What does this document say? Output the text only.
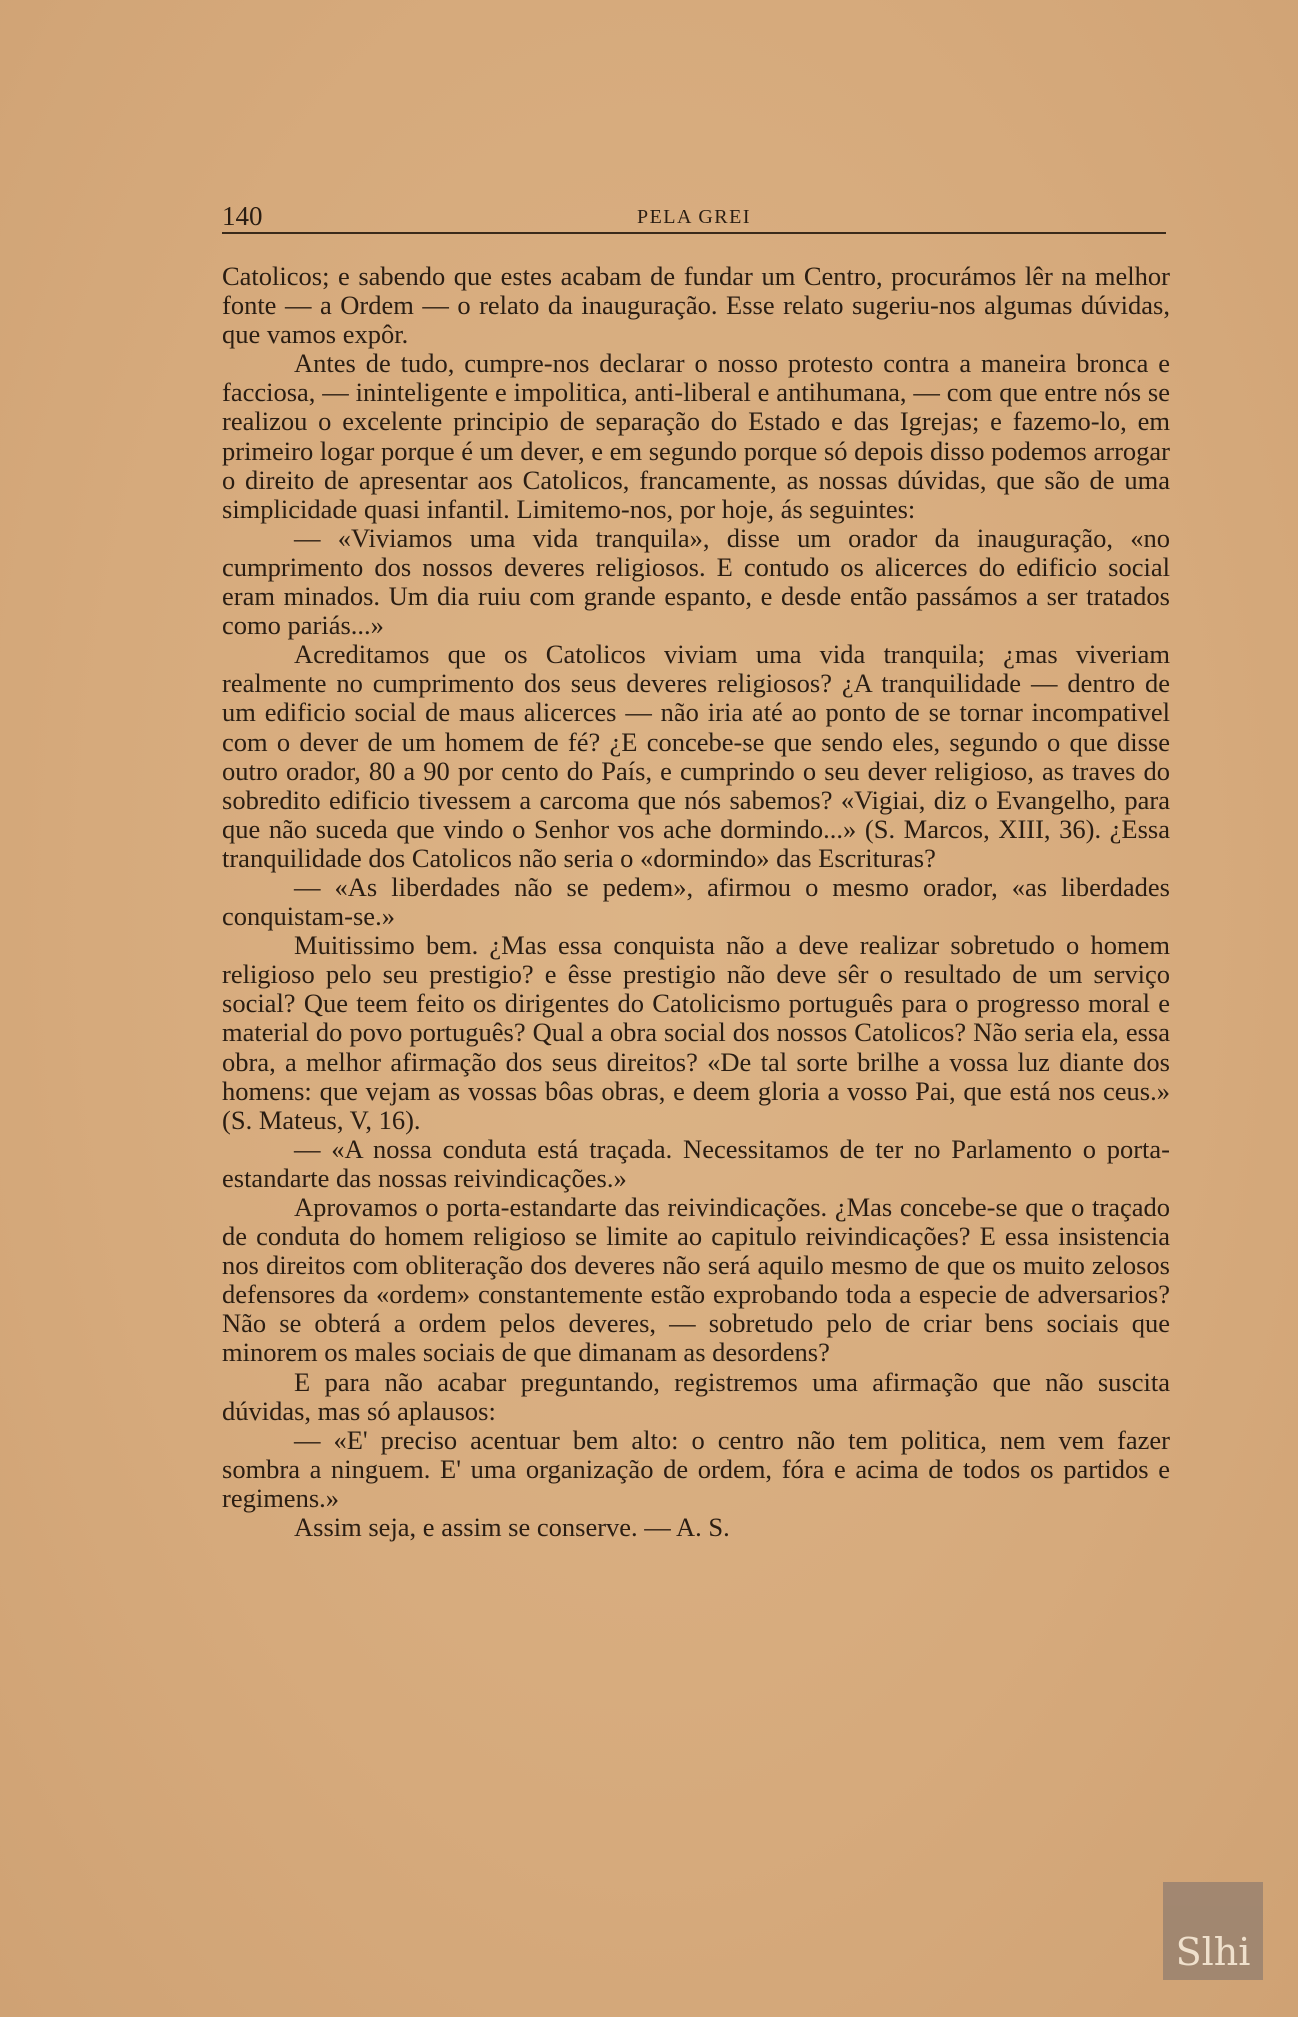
140	PELA GREI

Catolicos; e sabendo que estes acabam de fundar um Centro, procurámos lêr na melhor fonte — a Ordem — o relato da inauguração. Esse relato sugeriu-nos algumas dúvidas, que vamos expôr.

Antes de tudo, cumpre-nos declarar o nosso protesto contra a maneira bronca e facciosa, — ininteligente e impolitica, anti-liberal e antihumana, — com que entre nós se realizou o excelente principio de separação do Estado e das Igrejas; e fazemo-lo, em primeiro logar porque é um dever, e em segundo porque só depois disso podemos arrogar o direito de apresentar aos Catolicos, francamente, as nossas dúvidas, que são de uma simplicidade quasi infantil. Limitemo-nos, por hoje, ás seguintes:

— «Viviamos uma vida tranquila», disse um orador da inauguração, «no cumprimento dos nossos deveres religiosos. E contudo os alicerces do edificio social eram minados. Um dia ruiu com grande espanto, e desde então passámos a ser tratados como pariás...»

Acreditamos que os Catolicos viviam uma vida tranquila; ¿mas viveriam realmente no cumprimento dos seus deveres religiosos? ¿A tranquilidade — dentro de um edificio social de maus alicerces — não iria até ao ponto de se tornar incompativel com o dever de um homem de fé? ¿E concebe-se que sendo eles, segundo o que disse outro orador, 80 a 90 por cento do País, e cumprindo o seu dever religioso, as traves do sobredito edificio tivessem a carcoma que nós sabemos? «Vigiai, diz o Evangelho, para que não suceda que vindo o Senhor vos ache dormindo...» (S. Marcos, XIII, 36). ¿Essa tranquilidade dos Catolicos não seria o «dormindo» das Escrituras?

— «As liberdades não se pedem», afirmou o mesmo orador, «as liberdades conquistam-se.»

Muitissimo bem. ¿Mas essa conquista não a deve realizar sobretudo o homem religioso pelo seu prestigio? e êsse prestigio não deve sêr o resultado de um serviço social? Que teem feito os dirigentes do Catolicismo português para o progresso moral e material do povo português? Qual a obra social dos nossos Catolicos? Não seria ela, essa obra, a melhor afirmação dos seus direitos? «De tal sorte brilhe a vossa luz diante dos homens: que vejam as vossas bôas obras, e deem gloria a vosso Pai, que está nos ceus.» (S. Mateus, V, 16).

— «A nossa conduta está traçada. Necessitamos de ter no Parlamento o porta-estandarte das nossas reivindicações.»

Aprovamos o porta-estandarte das reivindicações. ¿Mas concebe-se que o traçado de conduta do homem religioso se limite ao capitulo reivindicações? E essa insistencia nos direitos com obliteração dos deveres não será aquilo mesmo de que os muito zelosos defensores da «ordem» constantemente estão exprobando toda a especie de adversarios? Não se obterá a ordem pelos deveres, — sobretudo pelo de criar bens sociais que minorem os males sociais de que dimanam as desordens?

E para não acabar preguntando, registremos uma afirmação que não suscita dúvidas, mas só aplausos:

— «E' preciso acentuar bem alto: o centro não tem politica, nem vem fazer sombra a ninguem. E' uma organização de ordem, fóra e acima de todos os partidos e regimens.»

Assim seja, e assim se conserve. — A. S.

Slhi
